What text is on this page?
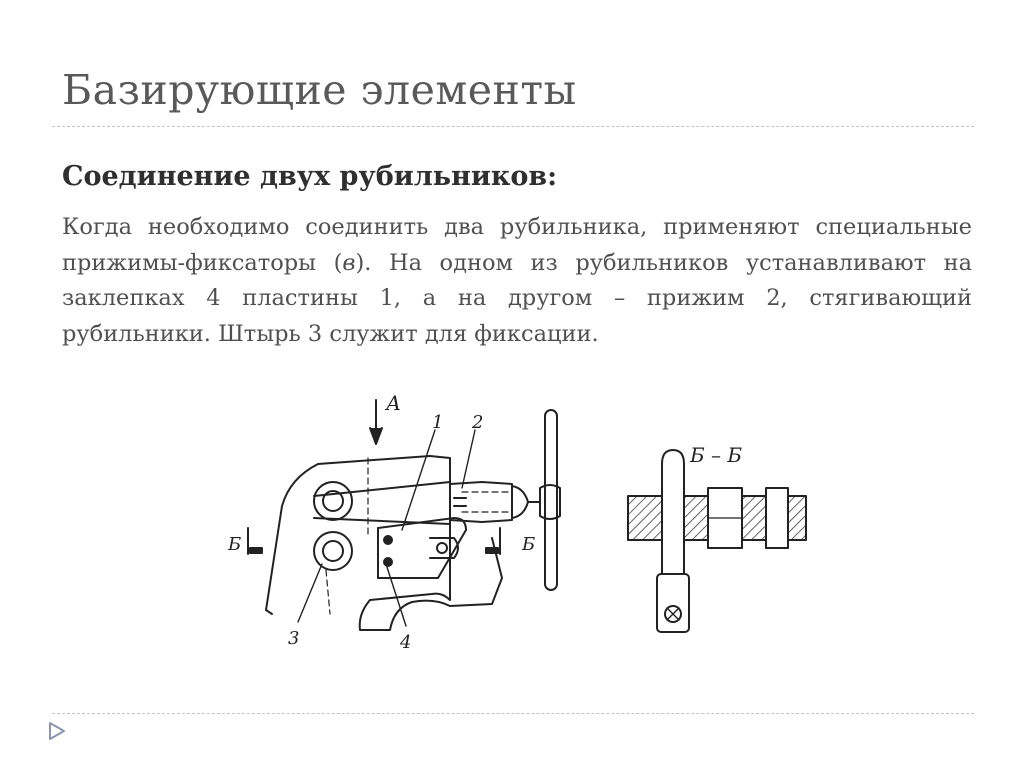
Базирующие элементы
Соединение двух рубильников:

Когда необходимо соединить два рубильника, применяют специальные прижимы-фиксаторы (в). На одном из рубильников устанавливают на заклепках 4 пластины 1, а на другом – прижим 2, стягивающий рубильники. Штырь 3 служит для фиксации.

А
Б	Б
1 2
3	4
Б – Б
